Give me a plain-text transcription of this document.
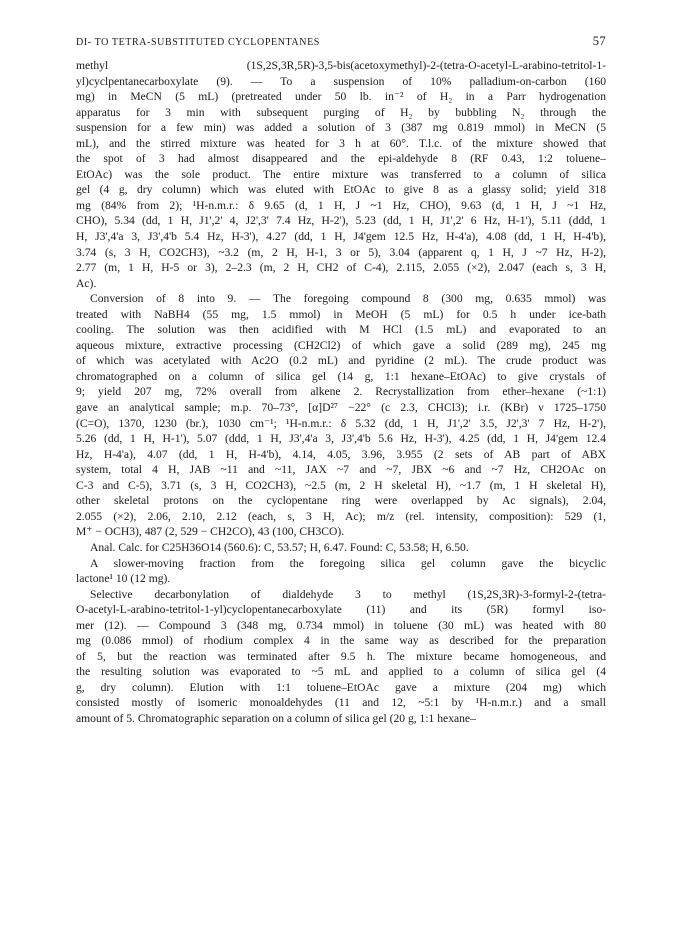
DI- TO TETRA-SUBSTITUTED CYCLOPENTANES	57
methyl (1S,2S,3R,5R)-3,5-bis(acetoxymethyl)-2-(tetra-O-acetyl-L-arabino-tetritol-1-
yl)cyclpentanecarboxylate (9). — To a suspension of 10% palladium-on-carbon (160
mg) in MeCN (5 mL) (pretreated under 50 lb. in⁻² of H₂ in a Parr hydrogenation
apparatus for 3 min with subsequent purging of H₂ by bubbling N₂ through the
suspension for a few min) was added a solution of 3 (387 mg 0.819 mmol) in MeCN (5
mL), and the stirred mixture was heated for 3 h at 60°. T.l.c. of the mixture showed that
the spot of 3 had almost disappeared and the epi-aldehyde 8 (RF 0.43, 1:2 toluene–
EtOAc) was the sole product. The entire mixture was transferred to a column of silica
gel (4 g, dry column) which was eluted with EtOAc to give 8 as a glassy solid; yield 318
mg (84% from 2); ¹H-n.m.r.: δ 9.65 (d, 1 H, J ~1 Hz, CHO), 9.63 (d, 1 H, J ~1 Hz,
CHO), 5.34 (dd, 1 H, J1',2' 4, J2',3' 7.4 Hz, H-2'), 5.23 (dd, 1 H, J1',2' 6 Hz, H-1'), 5.11 (ddd, 1
H, J3',4'a 3, J3',4'b 5.4 Hz, H-3'), 4.27 (dd, 1 H, J4'gem 12.5 Hz, H-4'a), 4.08 (dd, 1 H, H-4'b),
3.74 (s, 3 H, CO2CH3), ~3.2 (m, 2 H, H-1, 3 or 5), 3.04 (apparent q, 1 H, J ~7 Hz, H-2),
2.77 (m, 1 H, H-5 or 3), 2–2.3 (m, 2 H, CH2 of C-4), 2.115, 2.055 (×2), 2.047 (each s, 3 H,
Ac).
Conversion of 8 into 9. — The foregoing compound 8 (300 mg, 0.635 mmol) was
treated with NaBH4 (55 mg, 1.5 mmol) in MeOH (5 mL) for 0.5 h under ice-bath
cooling. The solution was then acidified with M HCl (1.5 mL) and evaporated to an
aqueous mixture, extractive processing (CH2Cl2) of which gave a solid (289 mg), 245 mg
of which was acetylated with Ac2O (0.2 mL) and pyridine (2 mL). The crude product was
chromatographed on a column of silica gel (14 g, 1:1 hexane–EtOAc) to give crystals of
9; yield 207 mg, 72% overall from alkene 2. Recrystallization from ether–hexane (~1:1)
gave an analytical sample; m.p. 70–73°, [α]D²⁷ −22° (c 2.3, CHCl3); i.r. (KBr) ν 1725–1750
(C=O), 1370, 1230 (br.), 1030 cm⁻¹; ¹H-n.m.r.: δ 5.32 (dd, 1 H, J1',2' 3.5, J2',3' 7 Hz, H-2'),
5.26 (dd, 1 H, H-1'), 5.07 (ddd, 1 H, J3',4'a 3, J3',4'b 5.6 Hz, H-3'), 4.25 (dd, 1 H, J4'gem 12.4
Hz, H-4'a), 4.07 (dd, 1 H, H-4'b), 4.14, 4.05, 3.96, 3.955 (2 sets of AB part of ABX
system, total 4 H, JAB ~11 and ~11, JAX ~7 and ~7, JBX ~6 and ~7 Hz, CH2OAc on
C-3 and C-5), 3.71 (s, 3 H, CO2CH3), ~2.5 (m, 2 H skeletal H), ~1.7 (m, 1 H skeletal H),
other skeletal protons on the cyclopentane ring were overlapped by Ac signals), 2.04,
2.055 (×2), 2.06, 2.10, 2.12 (each, s, 3 H, Ac); m/z (rel. intensity, composition): 529 (1,
M⁺ − OCH3), 487 (2, 529 − CH2CO), 43 (100, CH3CO).
Anal. Calc. for C25H36O14 (560.6): C, 53.57; H, 6.47. Found: C, 53.58; H, 6.50.
A slower-moving fraction from the foregoing silica gel column gave the bicyclic
lactone¹ 10 (12 mg).
Selective decarbonylation of dialdehyde 3 to methyl (1S,2S,3R)-3-formyl-2-(tetra-
O-acetyl-L-arabino-tetritol-1-yl)cyclopentanecarboxylate (11) and its (5R) formyl iso-
mer (12). — Compound 3 (348 mg, 0.734 mmol) in toluene (30 mL) was heated with 80
mg (0.086 mmol) of rhodium complex 4 in the same way as described for the preparation
of 5, but the reaction was terminated after 9.5 h. The mixture became homogeneous, and
the resulting solution was evaporated to ~5 mL and applied to a column of silica gel (4
g, dry column). Elution with 1:1 toluene–EtOAc gave a mixture (204 mg) which
consisted mostly of isomeric monoaldehydes (11 and 12, ~5:1 by ¹H-n.m.r.) and a small
amount of 5. Chromatographic separation on a column of silica gel (20 g, 1:1 hexane–
